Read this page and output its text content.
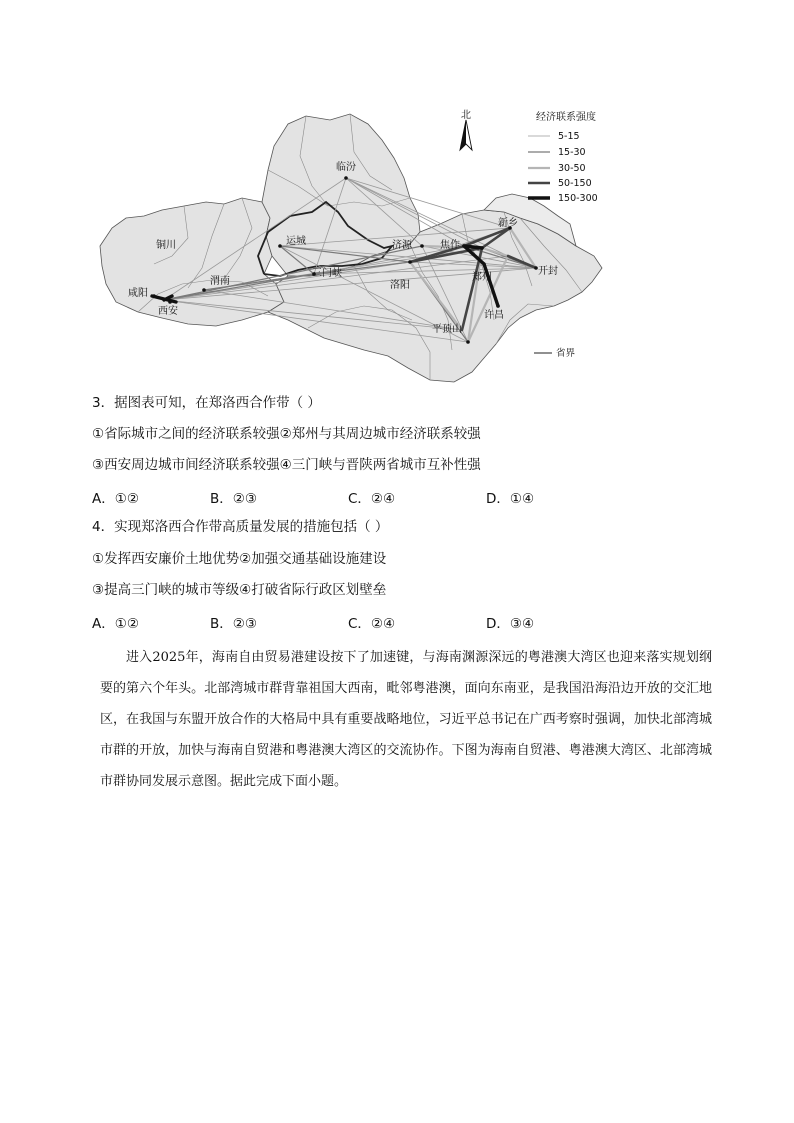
临汾
新乡
铜川	运城	济源	焦作
郑州
开封
渭南
三门峡
咸阳
洛阳
西安	许昌
平顶山
北	经济联系强度
5-15
15-30
30-50
50-150
150-300
省界
3．据图表可知，在郑洛西合作带（ ）
①省际城市之间的经济联系较强②郑州与其周边城市经济联系较强
③西安周边城市间经济联系较强④三门峡与晋陕两省城市互补性强
A．①②	B．②③	C．②④	D．①④
4．实现郑洛西合作带高质量发展的措施包括（ ）
①发挥西安廉价土地优势②加强交通基础设施建设
③提高三门峡的城市等级④打破省际行政区划壁垒
A．①②	B．②③	C．②④	D．③④
进入2025年，海南自由贸易港建设按下了加速键，与海南渊源深远的粤港澳大湾区也迎来落实规划纲要的第六个年头。北部湾城市群背靠祖国大西南，毗邻粤港澳，面向东南亚，是我国沿海沿边开放的交汇地区，在我国与东盟开放合作的大格局中具有重要战略地位，习近平总书记在广西考察时强调，加快北部湾城市群的开放，加快与海南自贸港和粤港澳大湾区的交流协作。下图为海南自贸港、粤港澳大湾区、北部湾城市群协同发展示意图。据此完成下面小题。
